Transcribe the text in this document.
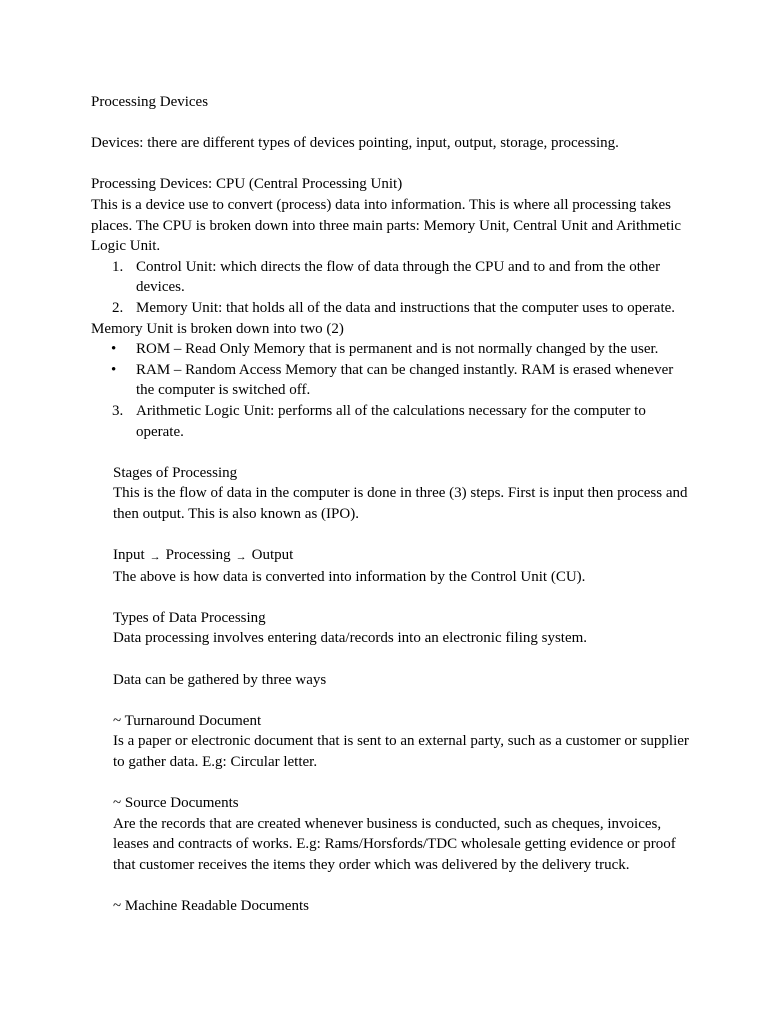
Processing Devices

Devices: there are different types of devices pointing, input, output, storage, processing.

Processing Devices: CPU (Central Processing Unit)

This is a device use to convert (process) data into information. This is where all processing takes places. The CPU is broken down into three main parts: Memory Unit, Central Unit and Arithmetic Logic Unit.

1. Control Unit: which directs the flow of data through the CPU and to and from the other devices.
2. Memory Unit: that holds all of the data and instructions that the computer uses to operate.

Memory Unit is broken down into two (2)

• ROM – Read Only Memory that is permanent and is not normally changed by the user.
• RAM – Random Access Memory that can be changed instantly. RAM is erased whenever the computer is switched off.
3. Arithmetic Logic Unit: performs all of the calculations necessary for the computer to operate.

Stages of Processing

This is the flow of data in the computer is done in three (3) steps. First is input then process and then output. This is also known as (IPO).

Input → Processing → Output

The above is how data is converted into information by the Control Unit (CU).

Types of Data Processing

Data processing involves entering data/records into an electronic filing system.

Data can be gathered by three ways

~ Turnaround Document

Is a paper or electronic document that is sent to an external party, such as a customer or supplier to gather data. E.g: Circular letter.

~ Source Documents

Are the records that are created whenever business is conducted, such as cheques, invoices, leases and contracts of works. E.g: Rams/Horsfords/TDC wholesale getting evidence or proof that customer receives the items they order which was delivered by the delivery truck.

~ Machine Readable Documents
